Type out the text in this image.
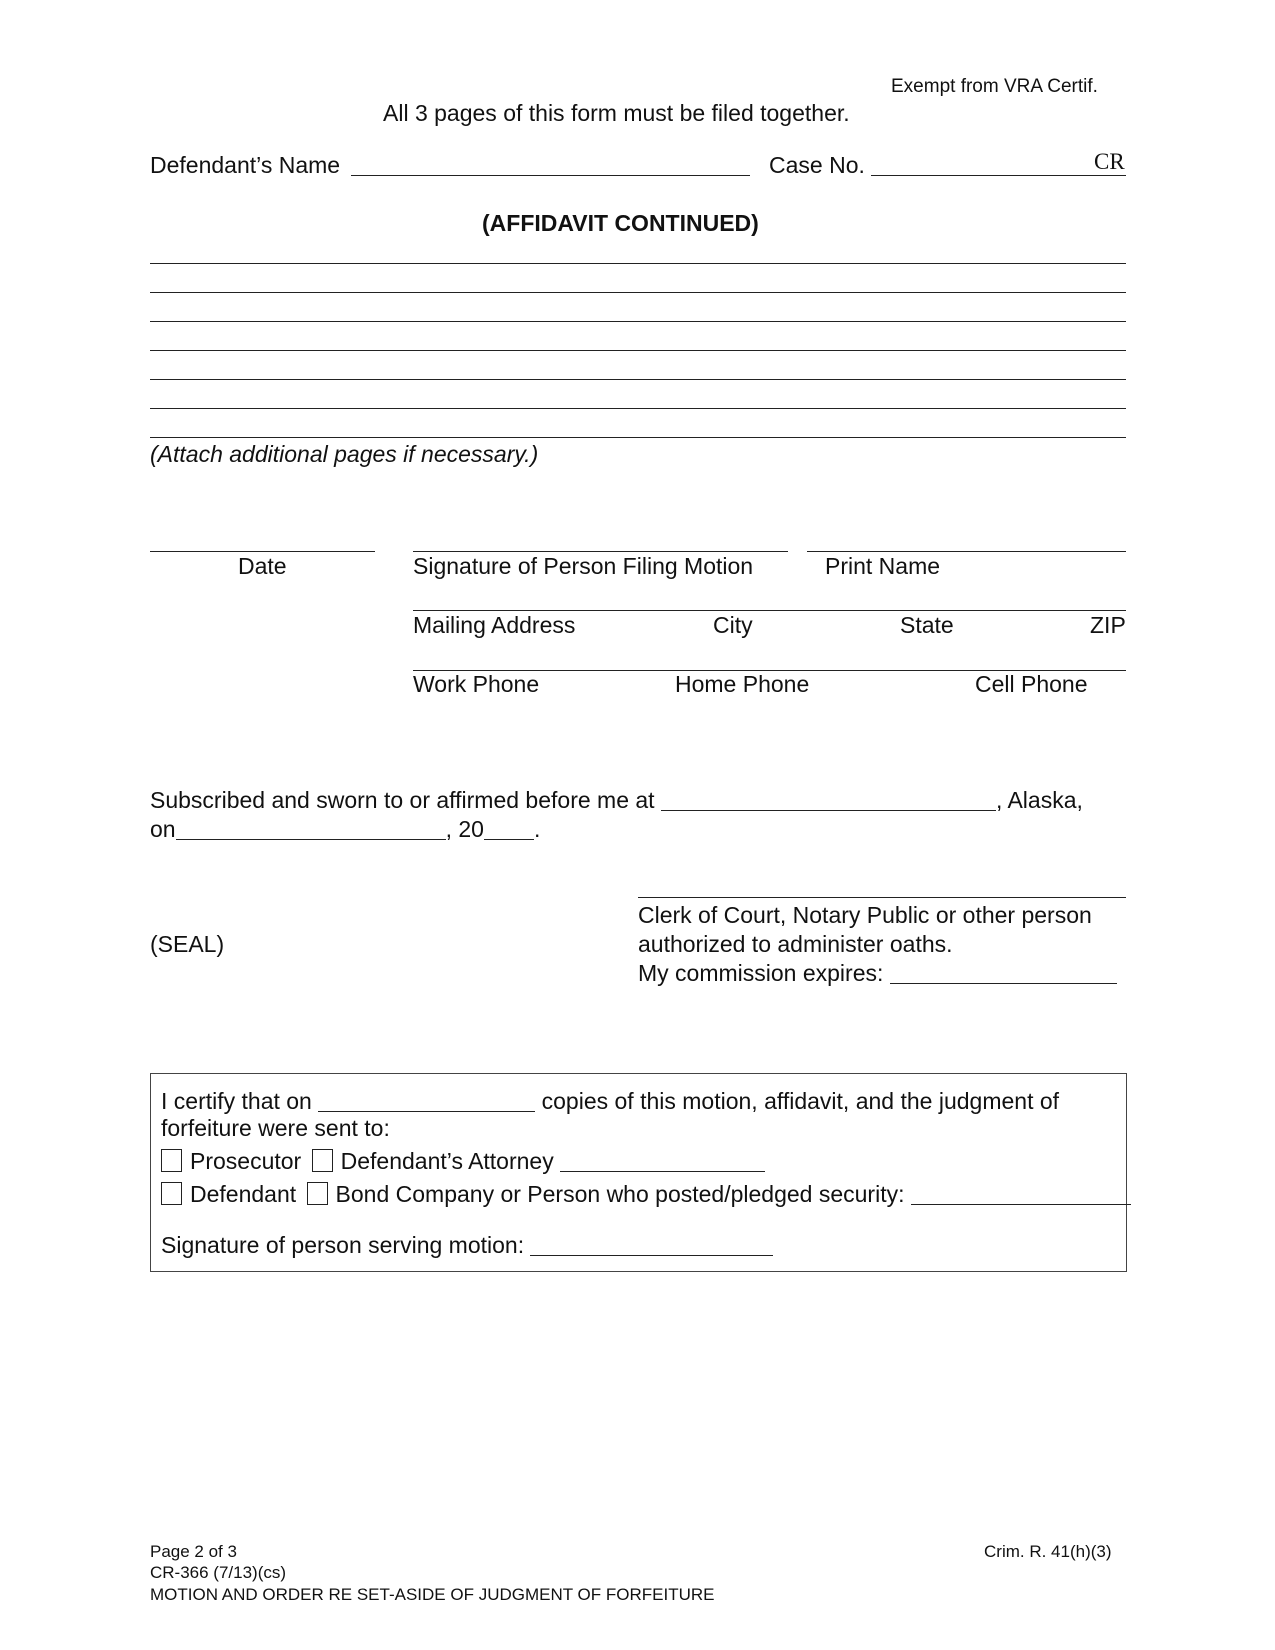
Exempt from VRA Certif.
All 3 pages of this form must be filed together.
Defendant’s Name	Case No.	CR
(AFFIDAVIT CONTINUED)
(Attach additional pages if necessary.)
Date	Signature of Person Filing Motion	Print Name
Mailing Address	City	State	ZIP
Work Phone	Home Phone	Cell Phone
Subscribed and sworn to or affirmed before me at	, Alaska,
on	, 20 .
Clerk of Court, Notary Public or other person
authorized to administer oaths.
My commission expires:
(SEAL)
I certify that on	copies of this motion, affidavit, and the judgment of
forfeiture were sent to:
Prosecutor Defendant’s Attorney
Defendant Bond Company or Person who posted/pledged security:
Signature of person serving motion:
Page 2 of 3
CR-366 (7/13)(cs)
MOTION AND ORDER RE SET-ASIDE OF JUDGMENT OF FORFEITURE
Crim. R. 41(h)(3)
